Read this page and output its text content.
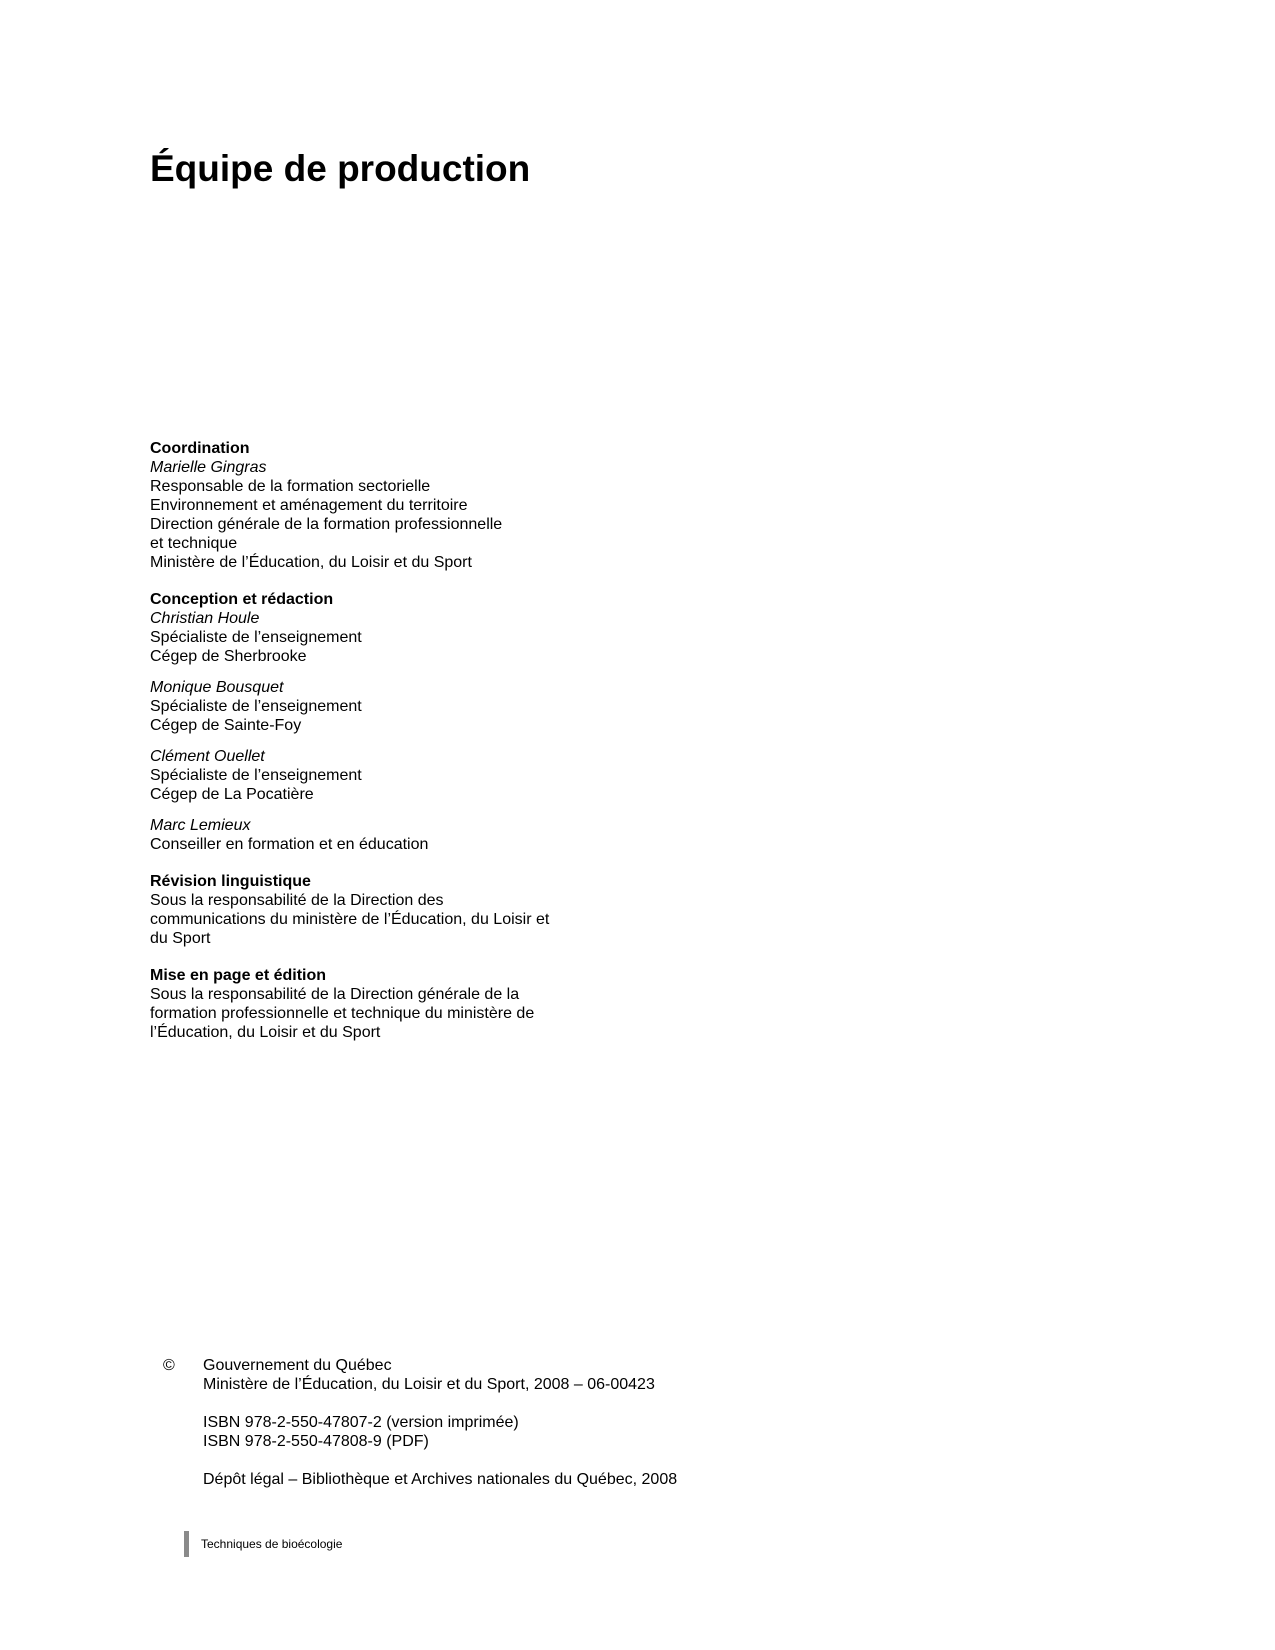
Équipe de production

Coordination

Marielle Gingras
Responsable de la formation sectorielle
Environnement et aménagement du territoire
Direction générale de la formation professionnelle
et technique
Ministère de l’Éducation, du Loisir et du Sport

Conception et rédaction

Christian Houle
Spécialiste de l’enseignement
Cégep de Sherbrooke
Monique Bousquet
Spécialiste de l’enseignement
Cégep de Sainte-Foy
Clément Ouellet
Spécialiste de l’enseignement
Cégep de La Pocatière
Marc Lemieux
Conseiller en formation et en éducation

Révision linguistique

Sous la responsabilité de la Direction des
communications du ministère de l’Éducation, du Loisir et
du Sport

Mise en page et édition

Sous la responsabilité de la Direction générale de la
formation professionnelle et technique du ministère de
l’Éducation, du Loisir et du Sport
© Gouvernement du Québec
Ministère de l’Éducation, du Loisir et du Sport, 2008 – 06-00423
ISBN 978-2-550-47807-2 (version imprimée)
ISBN 978-2-550-47808-9 (PDF)
Dépôt légal – Bibliothèque et Archives nationales du Québec, 2008
Techniques de bioécologie
